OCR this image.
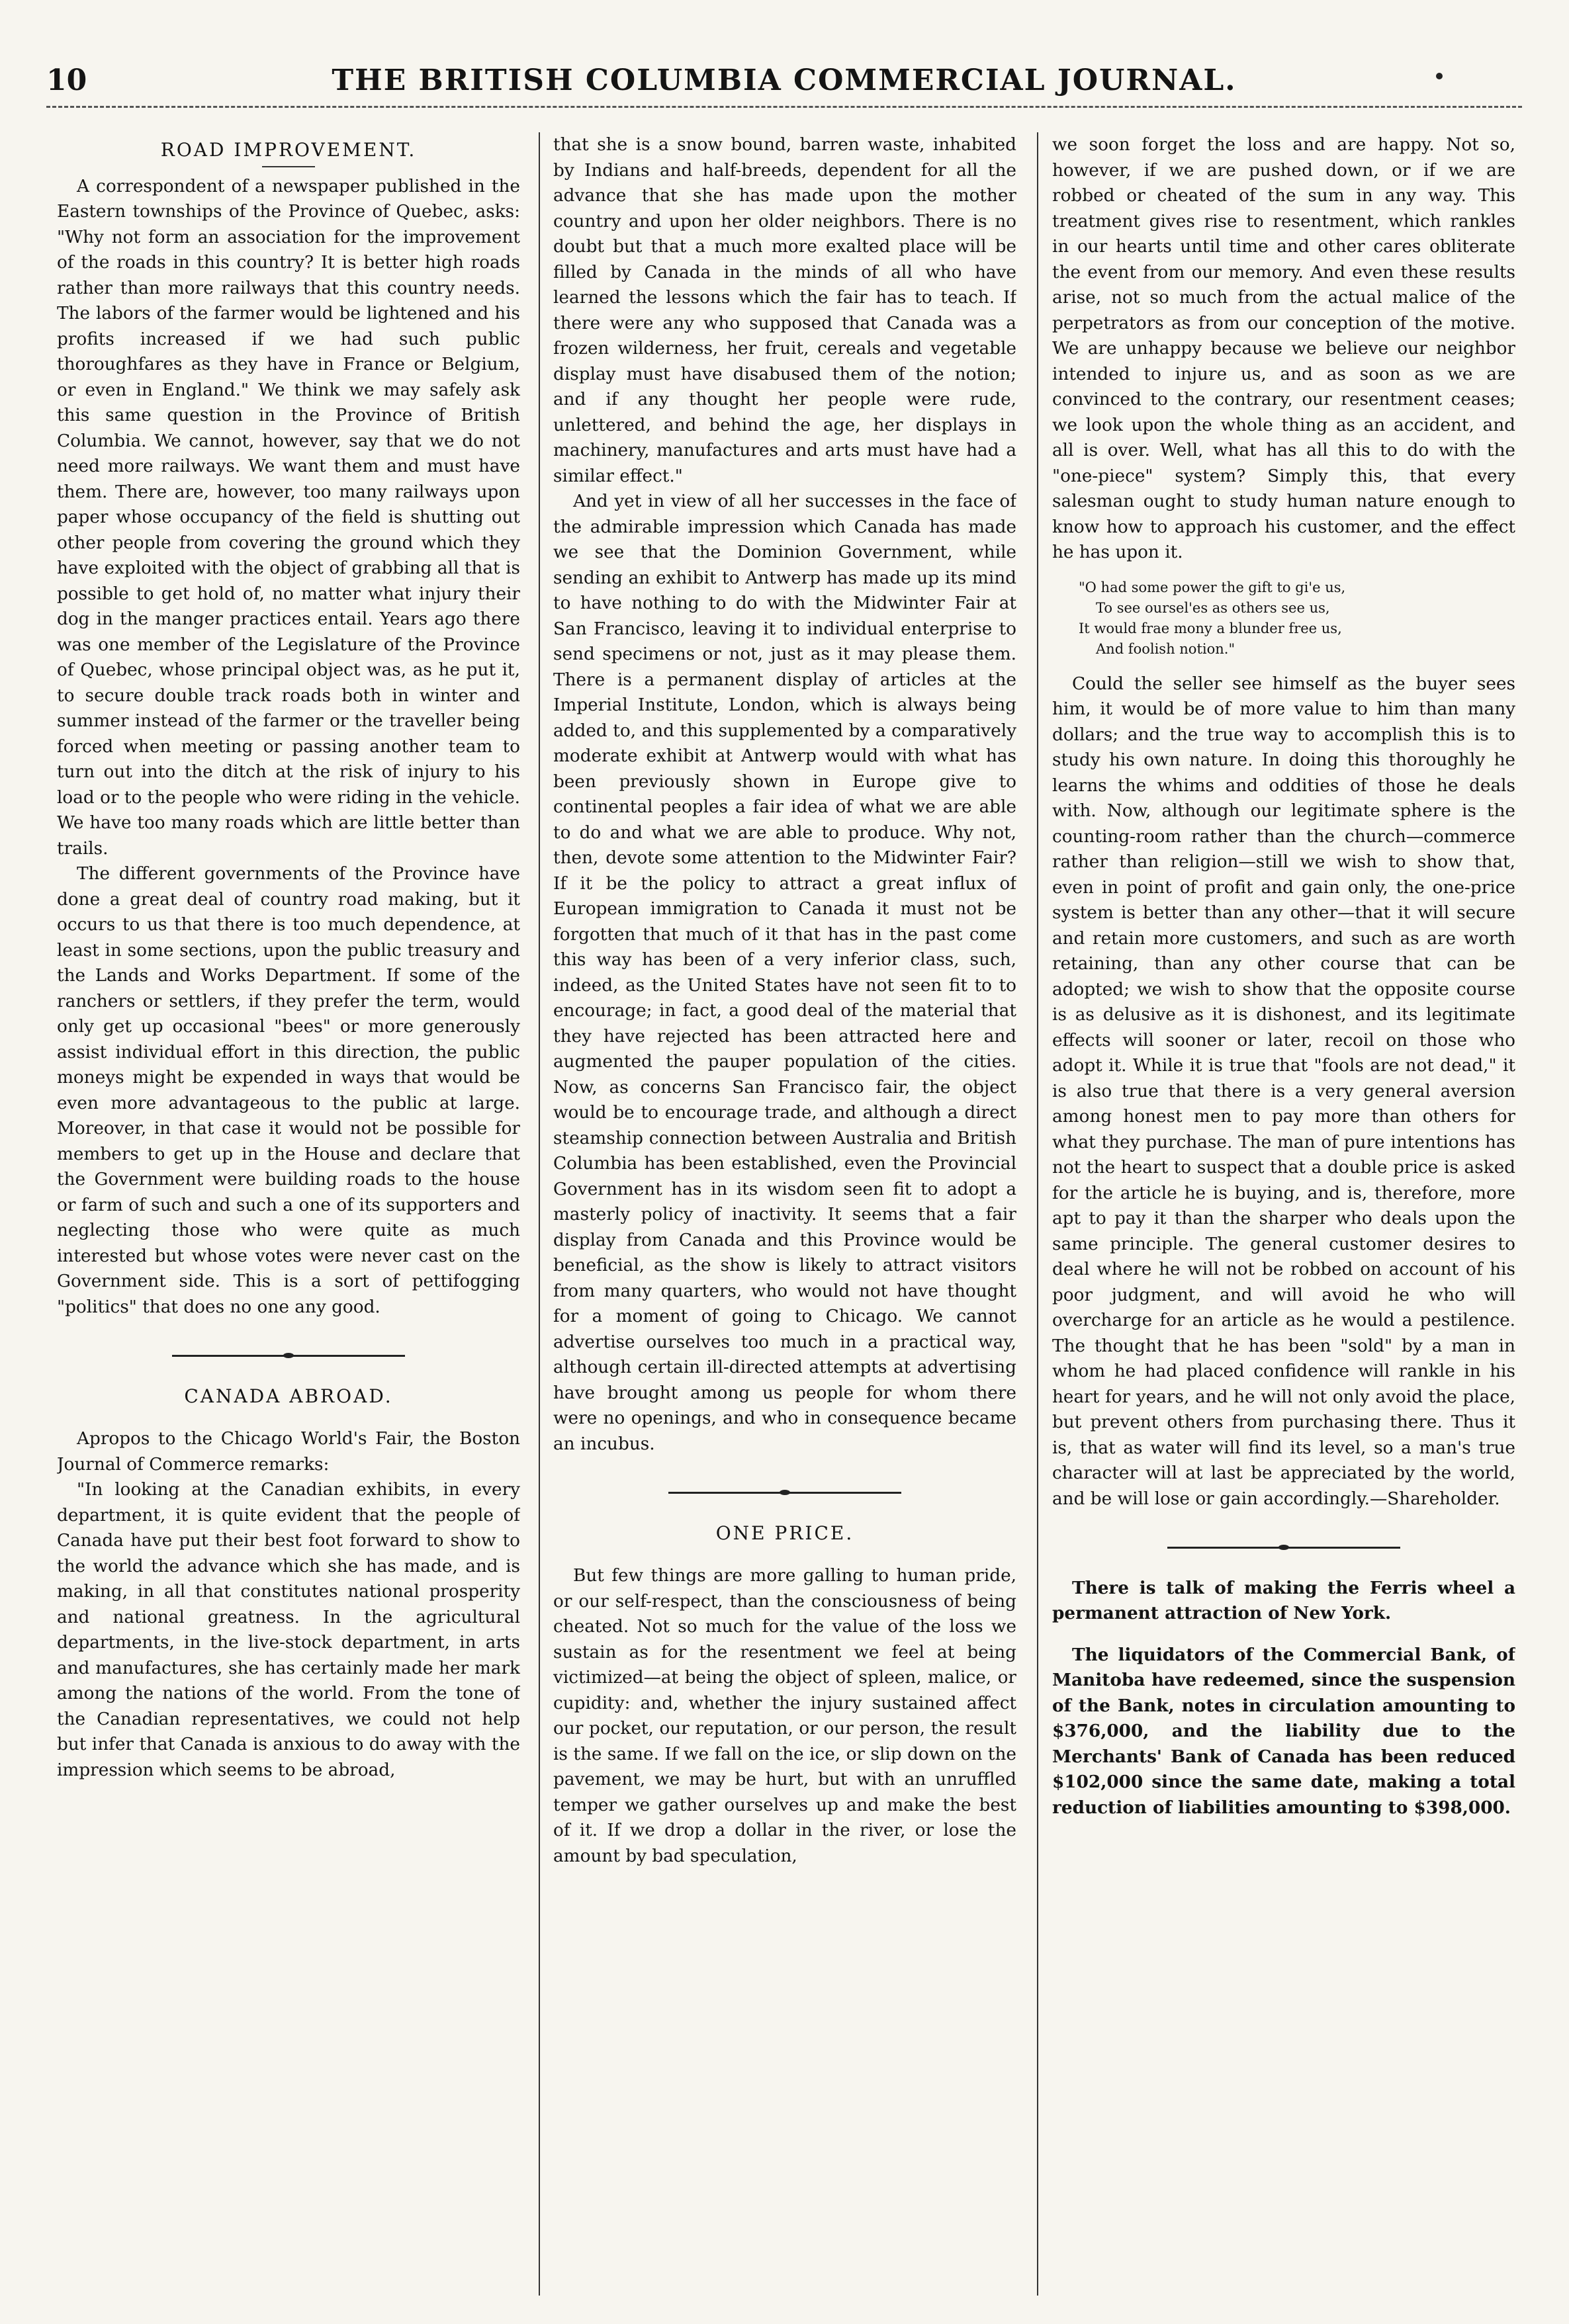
10	THE BRITISH COLUMBIA COMMERCIAL JOURNAL.

ROAD IMPROVEMENT.

A correspondent of a newspaper published in the Eastern townships of the Province of Quebec, asks: "Why not form an association for the improvement of the roads in this country? It is better high roads rather than more railways that this country needs. The labors of the farmer would be lightened and his profits increased if we had such public thoroughfares as they have in France or Belgium, or even in England." We think we may safely ask this same question in the Province of British Columbia. We cannot, however, say that we do not need more railways. We want them and must have them. There are, however, too many railways upon paper whose occupancy of the field is shutting out other people from covering the ground which they have exploited with the object of grabbing all that is possible to get hold of, no matter what injury their dog in the manger practices entail. Years ago there was one member of the Legislature of the Province of Quebec, whose principal object was, as he put it, to secure double track roads both in winter and summer instead of the farmer or the traveller being forced when meeting or passing another team to turn out into the ditch at the risk of injury to his load or to the people who were riding in the vehicle. We have too many roads which are little better than trails.

The different governments of the Province have done a great deal of country road making, but it occurs to us that there is too much dependence, at least in some sections, upon the public treasury and the Lands and Works Department. If some of the ranchers or settlers, if they prefer the term, would only get up occasional "bees" or more generously assist individual effort in this direction, the public moneys might be expended in ways that would be even more advantageous to the public at large. Moreover, in that case it would not be possible for members to get up in the House and declare that the Government were building roads to the house or farm of such and such a one of its supporters and neglecting those who were quite as much interested but whose votes were never cast on the Government side. This is a sort of pettifogging "politics" that does no one any good.

CANADA ABROAD.

Apropos to the Chicago World's Fair, the Boston Journal of Commerce remarks:

"In looking at the Canadian exhibits, in every department, it is quite evident that the people of Canada have put their best foot forward to show to the world the advance which she has made, and is making, in all that constitutes national prosperity and national greatness. In the agricultural departments, in the live-stock department, in arts and manufactures, she has certainly made her mark among the nations of the world. From the tone of the Canadian representatives, we could not help but infer that Canada is anxious to do away with the impression which seems to be abroad,

that she is a snow bound, barren waste, inhabited by Indians and half-breeds, dependent for all the advance that she has made upon the mother country and upon her older neighbors. There is no doubt but that a much more exalted place will be filled by Canada in the minds of all who have learned the lessons which the fair has to teach. If there were any who supposed that Canada was a frozen wilderness, her fruit, cereals and vegetable display must have disabused them of the notion; and if any thought her people were rude, unlettered, and behind the age, her displays in machinery, manufactures and arts must have had a similar effect."

And yet in view of all her successes in the face of the admirable impression which Canada has made we see that the Dominion Government, while sending an exhibit to Antwerp has made up its mind to have nothing to do with the Midwinter Fair at San Francisco, leaving it to individual enterprise to send specimens or not, just as it may please them. There is a permanent display of articles at the Imperial Institute, London, which is always being added to, and this supplemented by a comparatively moderate exhibit at Antwerp would with what has been previously shown in Europe give to continental peoples a fair idea of what we are able to do and what we are able to produce. Why not, then, devote some attention to the Midwinter Fair? If it be the policy to attract a great influx of European immigration to Canada it must not be forgotten that much of it that has in the past come this way has been of a very inferior class, such, indeed, as the United States have not seen fit to to encourage; in fact, a good deal of the material that they have rejected has been attracted here and augmented the pauper population of the cities. Now, as concerns San Francisco fair, the object would be to encourage trade, and although a direct steamship connection between Australia and British Columbia has been established, even the Provincial Government has in its wisdom seen fit to adopt a masterly policy of inactivity. It seems that a fair display from Canada and this Province would be beneficial, as the show is likely to attract visitors from many quarters, who would not have thought for a moment of going to Chicago. We cannot advertise ourselves too much in a practical way, although certain ill-directed attempts at advertising have brought among us people for whom there were no openings, and who in consequence became an incubus.

ONE PRICE.

But few things are more galling to human pride, or our self-respect, than the consciousness of being cheated. Not so much for the value of the loss we sustain as for the resentment we feel at being victimized—at being the object of spleen, malice, or cupidity: and, whether the injury sustained affect our pocket, our reputation, or our person, the result is the same. If we fall on the ice, or slip down on the pavement, we may be hurt, but with an unruffled temper we gather ourselves up and make the best of it. If we drop a dollar in the river, or lose the amount by bad speculation,

we soon forget the loss and are happy. Not so, however, if we are pushed down, or if we are robbed or cheated of the sum in any way. This treatment gives rise to resentment, which rankles in our hearts until time and other cares obliterate the event from our memory. And even these results arise, not so much from the actual malice of the perpetrators as from our conception of the motive. We are unhappy because we believe our neighbor intended to injure us, and as soon as we are convinced to the contrary, our resentment ceases; we look upon the whole thing as an accident, and all is over. Well, what has all this to do with the "one-piece" system? Simply this, that every salesman ought to study human nature enough to know how to approach his customer, and the effect he has upon it.

"O had some power the gift to gi'e us,
To see oursel'es as others see us,
It would frae mony a blunder free us,
And foolish notion."

Could the seller see himself as the buyer sees him, it would be of more value to him than many dollars; and the true way to accomplish this is to study his own nature. In doing this thoroughly he learns the whims and oddities of those he deals with. Now, although our legitimate sphere is the counting-room rather than the church—commerce rather than religion—still we wish to show that, even in point of profit and gain only, the one-price system is better than any other—that it will secure and retain more customers, and such as are worth retaining, than any other course that can be adopted; we wish to show that the opposite course is as delusive as it is dishonest, and its legitimate effects will sooner or later, recoil on those who adopt it. While it is true that "fools are not dead," it is also true that there is a very general aversion among honest men to pay more than others for what they purchase. The man of pure intentions has not the heart to suspect that a double price is asked for the article he is buying, and is, therefore, more apt to pay it than the sharper who deals upon the same principle. The general customer desires to deal where he will not be robbed on account of his poor judgment, and will avoid he who will overcharge for an article as he would a pestilence. The thought that he has been "sold" by a man in whom he had placed confidence will rankle in his heart for years, and he will not only avoid the place, but prevent others from purchasing there. Thus it is, that as water will find its level, so a man's true character will at last be appreciated by the world, and be will lose or gain accordingly.—Shareholder.

There is talk of making the Ferris wheel a permanent attraction of New York.

The liquidators of the Commercial Bank, of Manitoba have redeemed, since the suspension of the Bank, notes in circulation amounting to $376,000, and the liability due to the Merchants' Bank of Canada has been reduced $102,000 since the same date, making a total reduction of liabilities amounting to $398,000.
